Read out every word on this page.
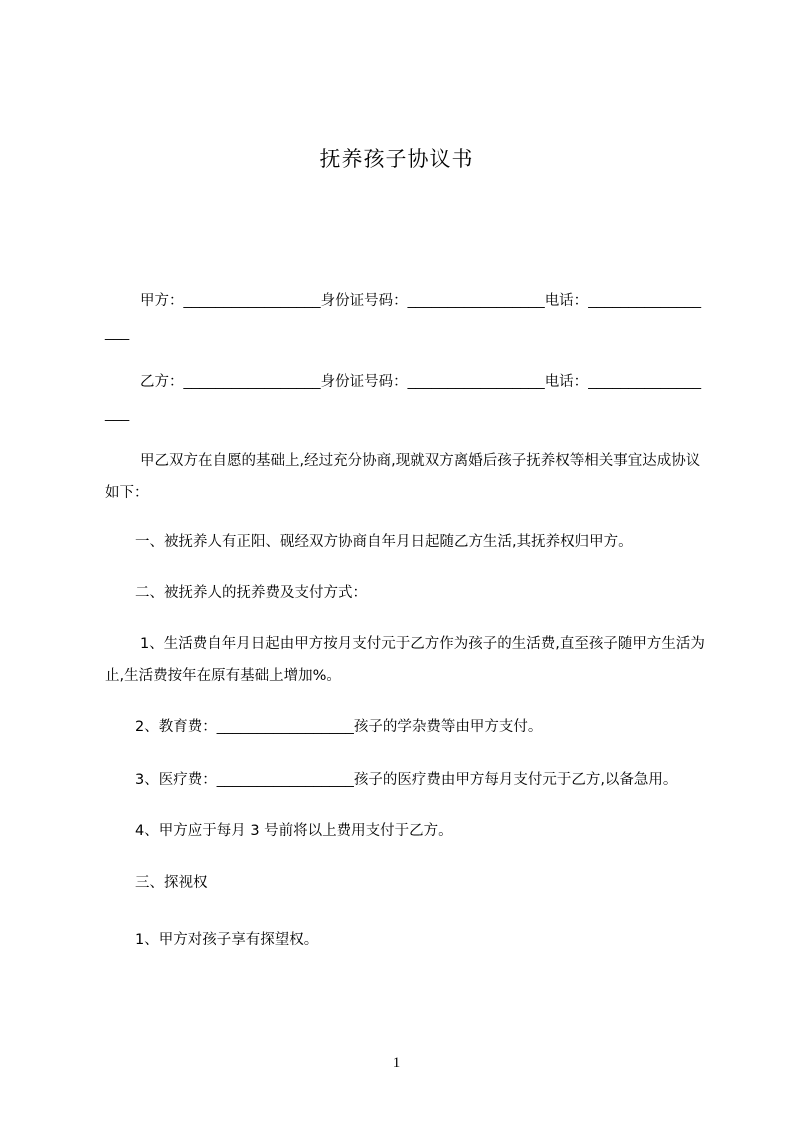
抚养孩子协议书
甲方：_________________身份证号码：_________________电话：_________________
乙方：_________________身份证号码：_________________电话：_________________
甲乙双方在自愿的基础上,经过充分协商,现就双方离婚后孩子抚养权等相关事宜达成协议如下：
一、被抚养人有正阳、砚经双方协商自年月日起随乙方生活,其抚养权归甲方。
二、被抚养人的抚养费及支付方式：
1、生活费自年月日起由甲方按月支付元于乙方作为孩子的生活费,直至孩子随甲方生活为止,生活费按年在原有基础上增加%。
2、教育费：_________________孩子的学杂费等由甲方支付。
3、医疗费：_________________孩子的医疗费由甲方每月支付元于乙方,以备急用。
4、甲方应于每月 3 号前将以上费用支付于乙方。
三、探视权
1、甲方对孩子享有探望权。
1
